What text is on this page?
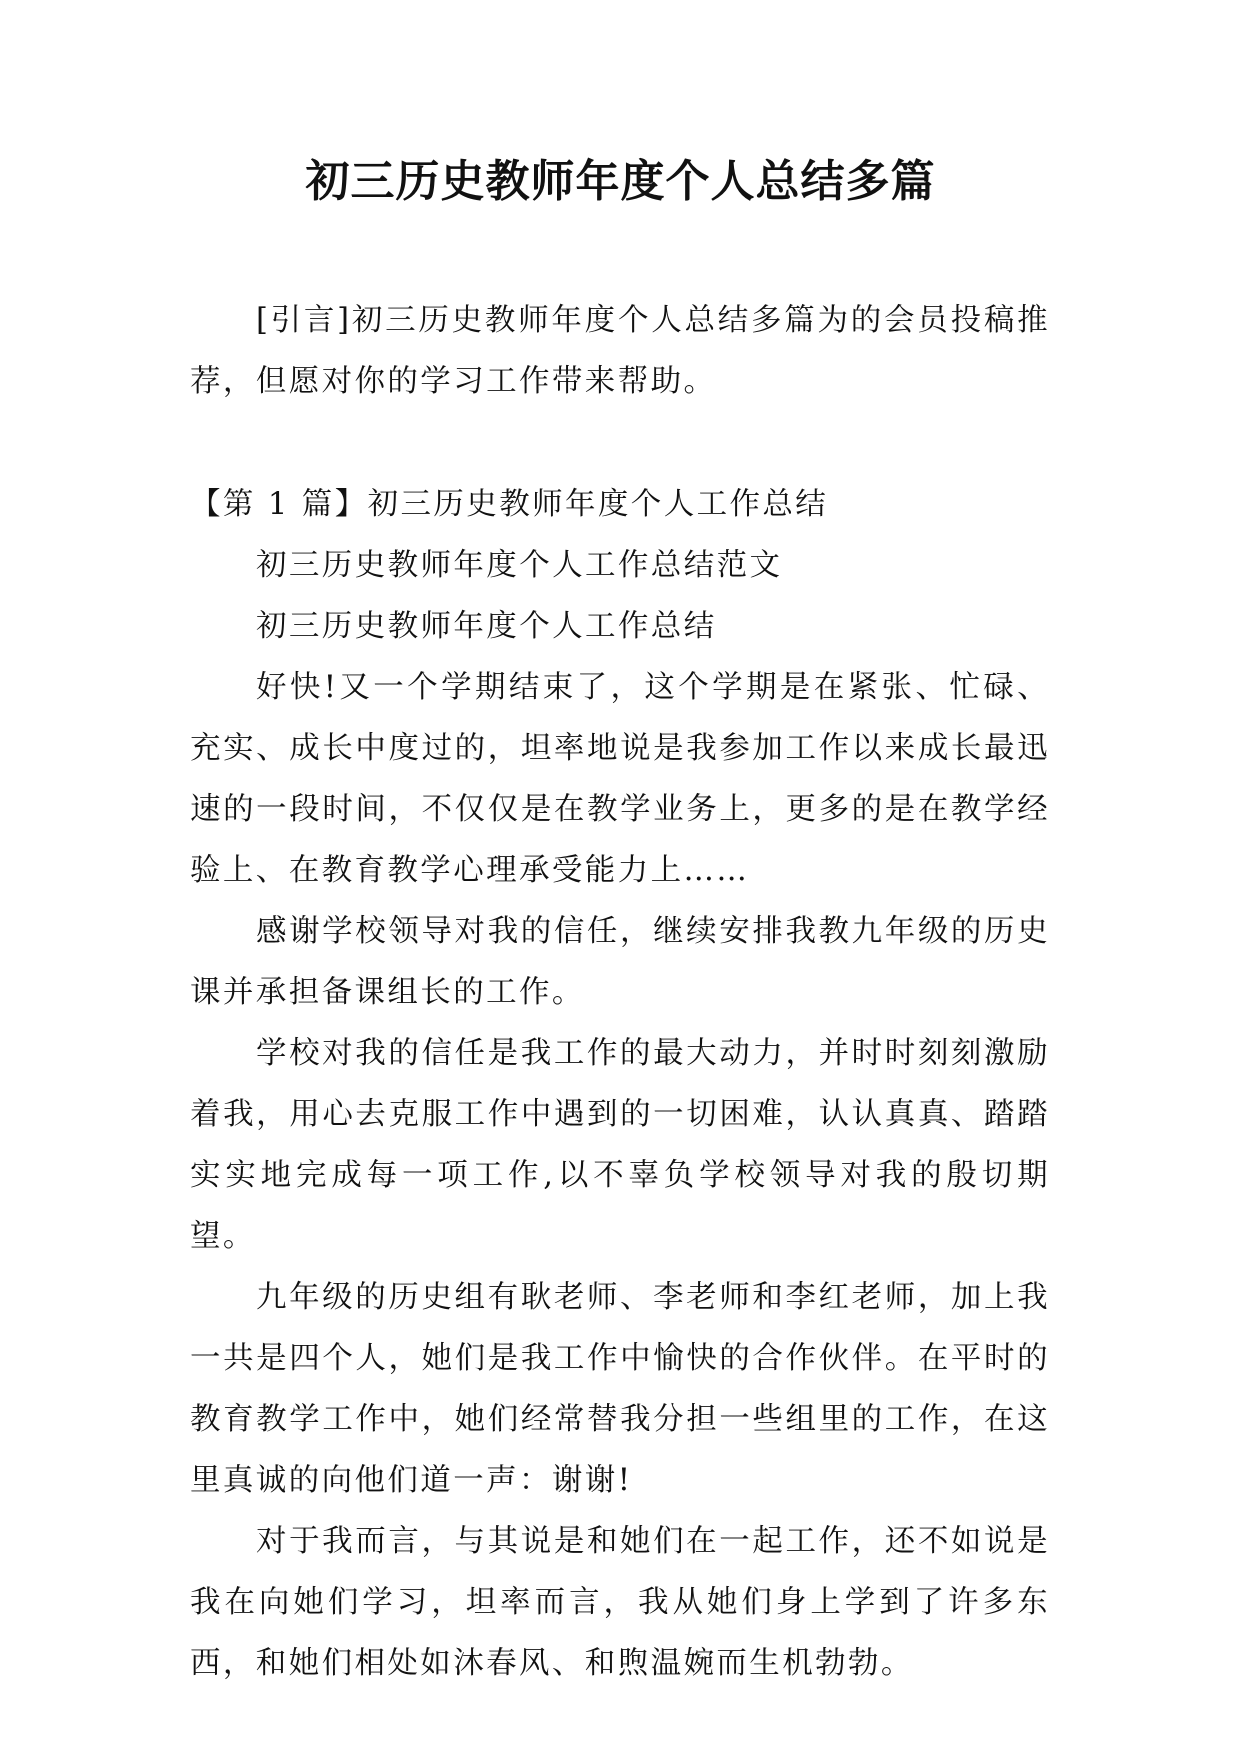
初三历史教师年度个人总结多篇

[引言]初三历史教师年度个人总结多篇为的会员投稿推荐，但愿对你的学习工作带来帮助。

【第 1 篇】初三历史教师年度个人工作总结

初三历史教师年度个人工作总结范文

初三历史教师年度个人工作总结

好快!又一个学期结束了，这个学期是在紧张、忙碌、充实、成长中度过的，坦率地说是我参加工作以来成长最迅速的一段时间，不仅仅是在教学业务上，更多的是在教学经验上、在教育教学心理承受能力上……

感谢学校领导对我的信任，继续安排我教九年级的历史课并承担备课组长的工作。

学校对我的信任是我工作的最大动力，并时时刻刻激励着我，用心去克服工作中遇到的一切困难，认认真真、踏踏实实地完成每一项工作,以不辜负学校领导对我的殷切期望。

九年级的历史组有耿老师、李老师和李红老师，加上我一共是四个人，她们是我工作中愉快的合作伙伴。在平时的教育教学工作中，她们经常替我分担一些组里的工作，在这里真诚的向他们道一声：谢谢!

对于我而言，与其说是和她们在一起工作，还不如说是我在向她们学习，坦率而言，我从她们身上学到了许多东西，和她们相处如沐春风、和煦温婉而生机勃勃。
